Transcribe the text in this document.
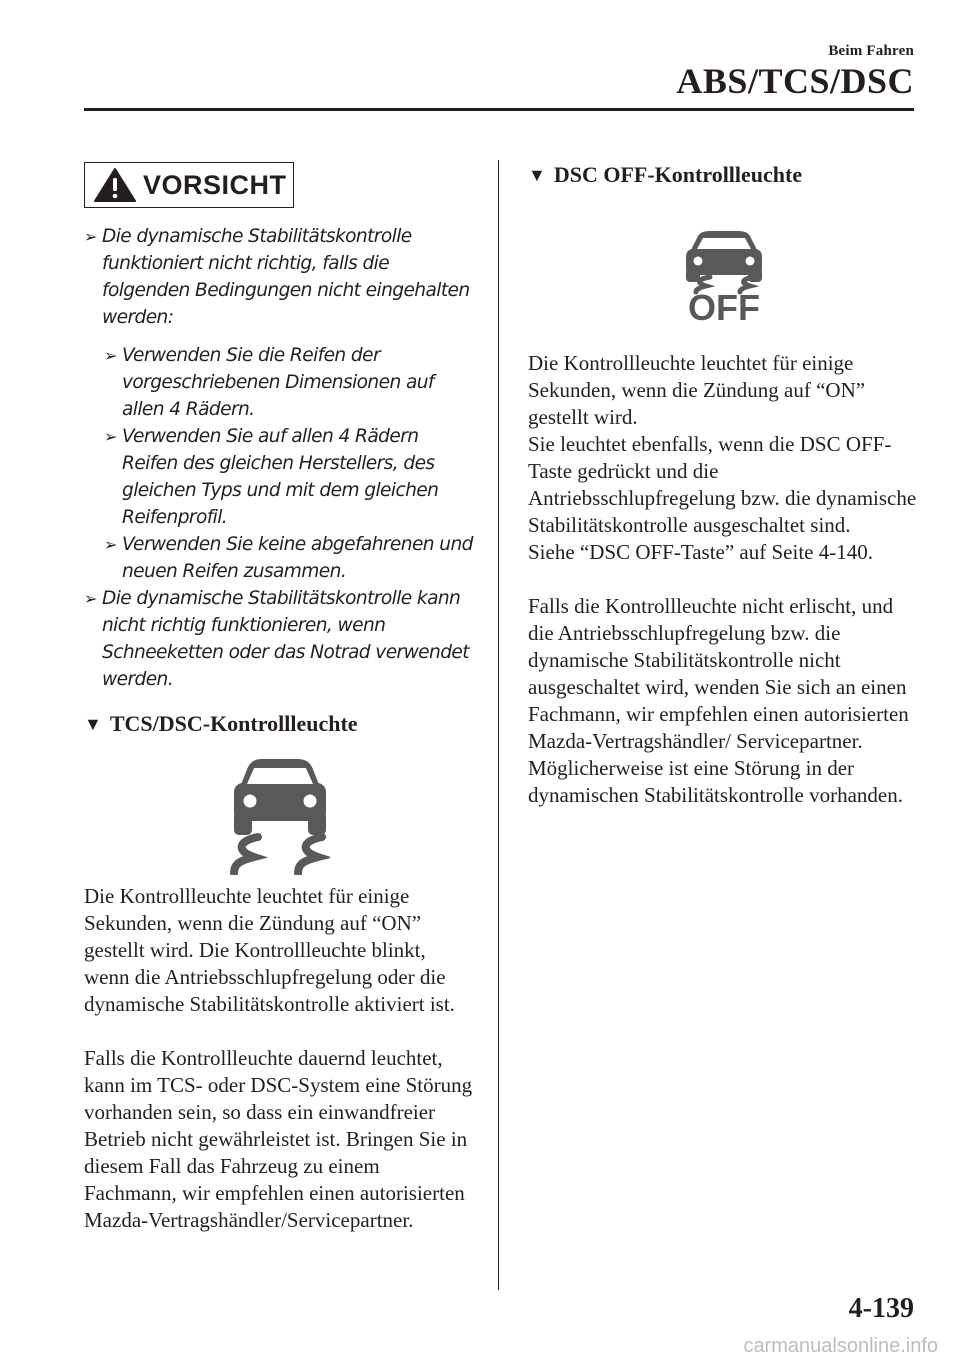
Beim Fahren
ABS/TCS/DSC
VORSICHT
➢ Die dynamische Stabilitätskontrolle funktioniert nicht richtig, falls die folgenden Bedingungen nicht eingehalten werden:
➢ Verwenden Sie die Reifen der vorgeschriebenen Dimensionen auf allen 4 Rädern.
➢ Verwenden Sie auf allen 4 Rädern Reifen des gleichen Herstellers, des gleichen Typs und mit dem gleichen Reifenprofil.
➢ Verwenden Sie keine abgefahrenen und neuen Reifen zusammen.
➢ Die dynamische Stabilitätskontrolle kann nicht richtig funktionieren, wenn Schneeketten oder das Notrad verwendet werden.
▼ TCS/DSC-Kontrollleuchte

Die Kontrollleuchte leuchtet für einige Sekunden, wenn die Zündung auf “ON” gestellt wird. Die Kontrollleuchte blinkt, wenn die Antriebsschlupfregelung oder die dynamische Stabilitätskontrolle aktiviert ist.

Falls die Kontrollleuchte dauernd leuchtet, kann im TCS- oder DSC-System eine Störung vorhanden sein, so dass ein einwandfreier Betrieb nicht gewährleistet ist. Bringen Sie in diesem Fall das Fahrzeug zu einem Fachmann, wir empfehlen einen autorisierten Mazda-Vertragshändler/Servicepartner.

▼ DSC OFF-Kontrollleuchte
OFF

Die Kontrollleuchte leuchtet für einige Sekunden, wenn die Zündung auf “ON” gestellt wird.

Sie leuchtet ebenfalls, wenn die DSC OFF-Taste gedrückt und die Antriebsschlupfregelung bzw. die dynamische Stabilitätskontrolle ausgeschaltet sind.

Siehe “DSC OFF-Taste” auf Seite 4-140.

Falls die Kontrollleuchte nicht erlischt, und die Antriebsschlupfregelung bzw. die dynamische Stabilitätskontrolle nicht ausgeschaltet wird, wenden Sie sich an einen Fachmann, wir empfehlen einen autorisierten Mazda-Vertragshändler/ Servicepartner. Möglicherweise ist eine Störung in der dynamischen Stabilitätskontrolle vorhanden.

4-139
carmanualsonline.info
